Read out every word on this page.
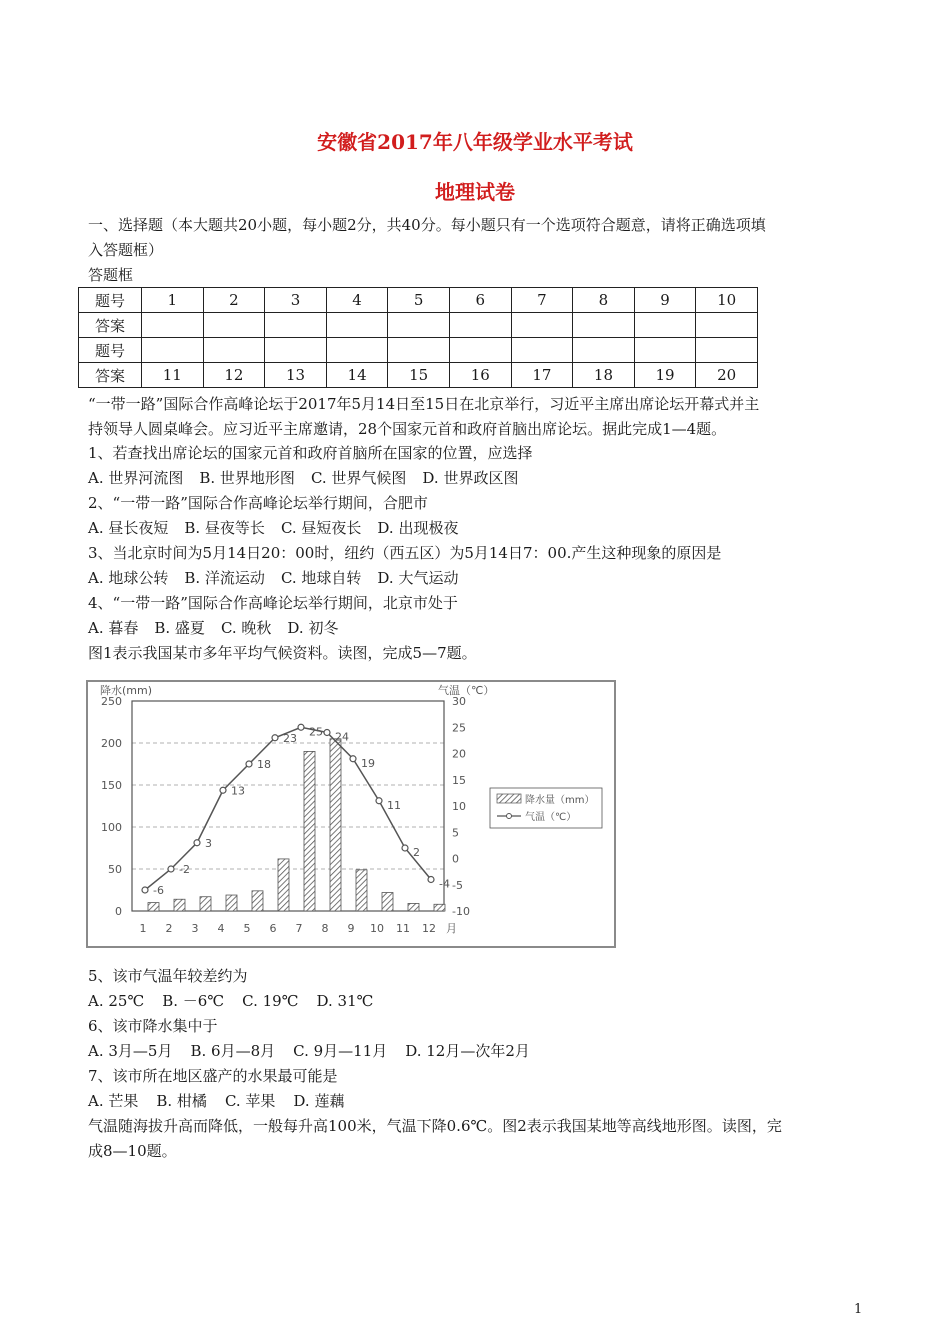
安徽省2017年八年级学业水平考试
地理试卷
一、选择题（本大题共20小题，每小题2分，共40分。每小题只有一个选项符合题意，请将正确选项填
入答题框）
答题框
题号	1	2	3	4	5	6	7	8	9	10
答案										
题号										
答案	11	12	13	14	15	16	17	18	19	20
“一带一路”国际合作高峰论坛于2017年5月14日至15日在北京举行，习近平主席出席论坛开幕式并主
持领导人圆桌峰会。应习近平主席邀请，28个国家元首和政府首脑出席论坛。据此完成1—4题。
1、若查找出席论坛的国家元首和政府首脑所在国家的位置，应选择
A. 世界河流图 B. 世界地形图 C. 世界气候图 D. 世界政区图
2、“一带一路”国际合作高峰论坛举行期间，合肥市
A. 昼长夜短 B. 昼夜等长 C. 昼短夜长 D. 出现极夜
3、当北京时间为5月14日20：00时，纽约（西五区）为5月14日7：00.产生这种现象的原因是
A. 地球公转 B. 洋流运动 C. 地球自转 D. 大气运动
4、“一带一路”国际合作高峰论坛举行期间，北京市处于
A. 暮春 B. 盛夏 C. 晚秋 D. 初冬
图1表示我国某市多年平均气候资料。读图，完成5—7题。
0
50
100
150
200
250
-10
-5
0
5
10
15
20
25
30
降水(mm)	气温（℃）
1 2 3 4 5 6 7 8 9 10 11 12 月
-6
-2
3
13
18
23 25 24
19
11
2
-4
降水量（mm）
气温（℃）
5、该市气温年较差约为
A. 25℃ B. －6℃ C. 19℃ D. 31℃
6、该市降水集中于
A. 3月—5月 B. 6月—8月 C. 9月—11月 D. 12月—次年2月
7、该市所在地区盛产的水果最可能是
A. 芒果 B. 柑橘 C. 苹果 D. 莲藕
气温随海拔升高而降低，一般每升高100米，气温下降0.6℃。图2表示我国某地等高线地形图。读图，完
成8—10题。
1
